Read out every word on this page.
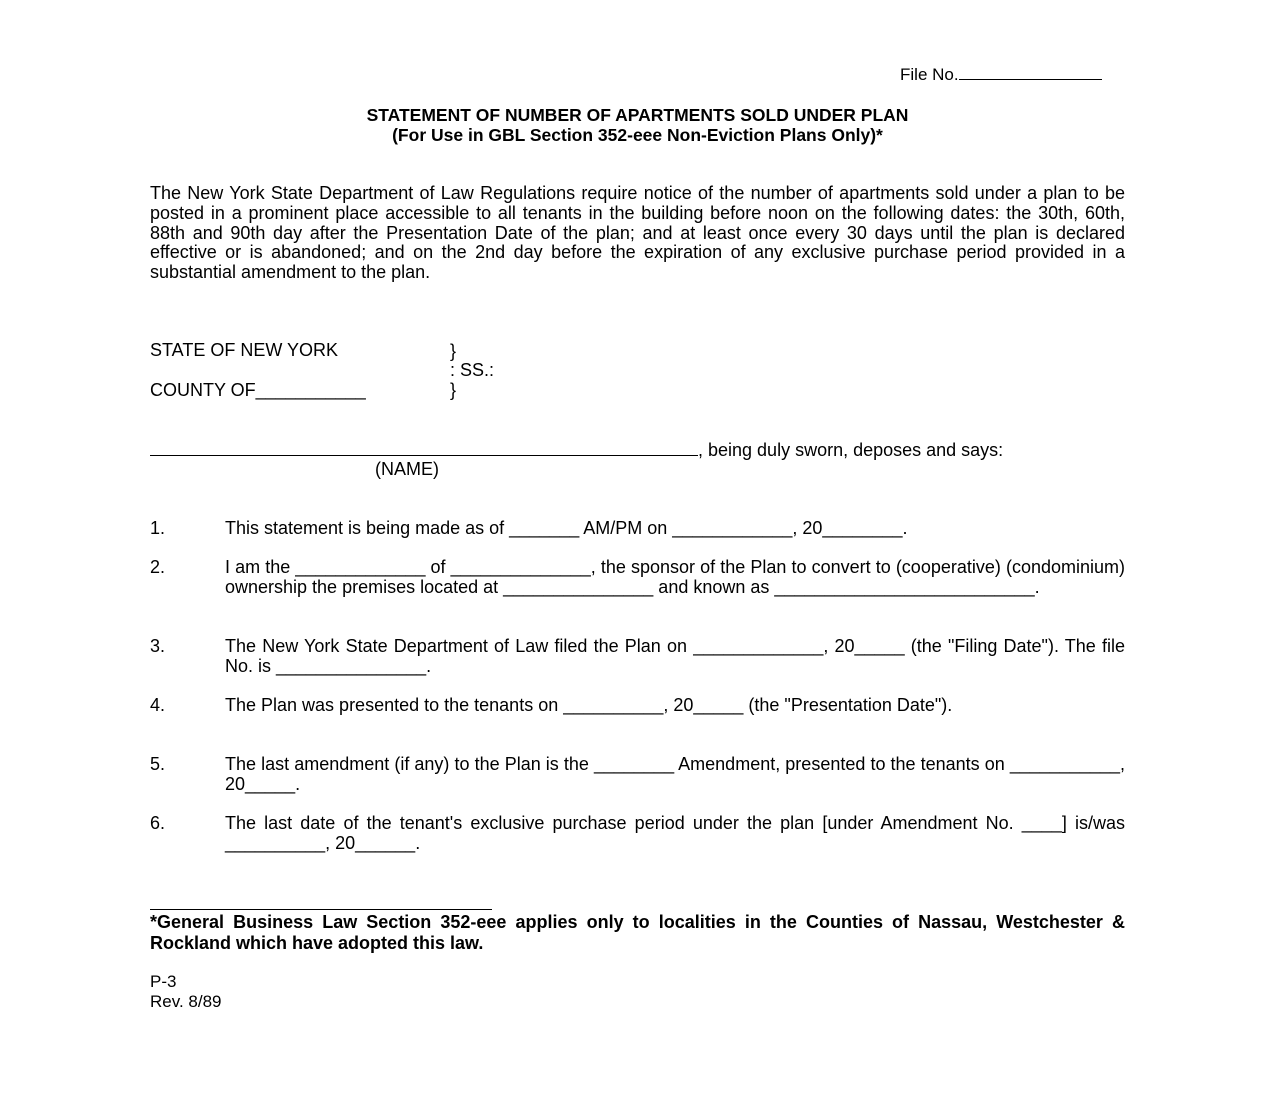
File No.
STATEMENT OF NUMBER OF APARTMENTS SOLD UNDER PLAN
(For Use in GBL Section 352-eee Non-Eviction Plans Only)*

The New York State Department of Law Regulations require notice of the number of apartments sold under a plan to be posted in a prominent place accessible to all tenants in the building before noon on the following dates: the 30th, 60th, 88th and 90th day after the Presentation Date of the plan; and at least once every 30 days until the plan is declared effective or is abandoned; and on the 2nd day before the expiration of any exclusive purchase period provided in a substantial amendment to the plan.

STATE OF NEW YORK	}
: SS.:
COUNTY OF___________	}
, being duly sworn, deposes and says:
(NAME)
1.	This statement is being made as of _______ AM/PM on ____________, 20________.
2.	I am the _____________ of ______________, the sponsor of the Plan to convert to (cooperative) (condominium) ownership the premises located at _______________ and known as __________________________.
3.	The New York State Department of Law filed the Plan on _____________, 20_____ (the "Filing Date"). The file No. is _______________.
4.	The Plan was presented to the tenants on __________, 20_____ (the "Presentation Date").
5.	The last amendment (if any) to the Plan is the ________ Amendment, presented to the tenants on ___________, 20_____.
6.	The last date of the tenant's exclusive purchase period under the plan [under Amendment No. ____] is/was __________, 20______.

*General Business Law Section 352-eee applies only to localities in the Counties of Nassau, Westchester & Rockland which have adopted this law.

P-3
Rev. 8/89
